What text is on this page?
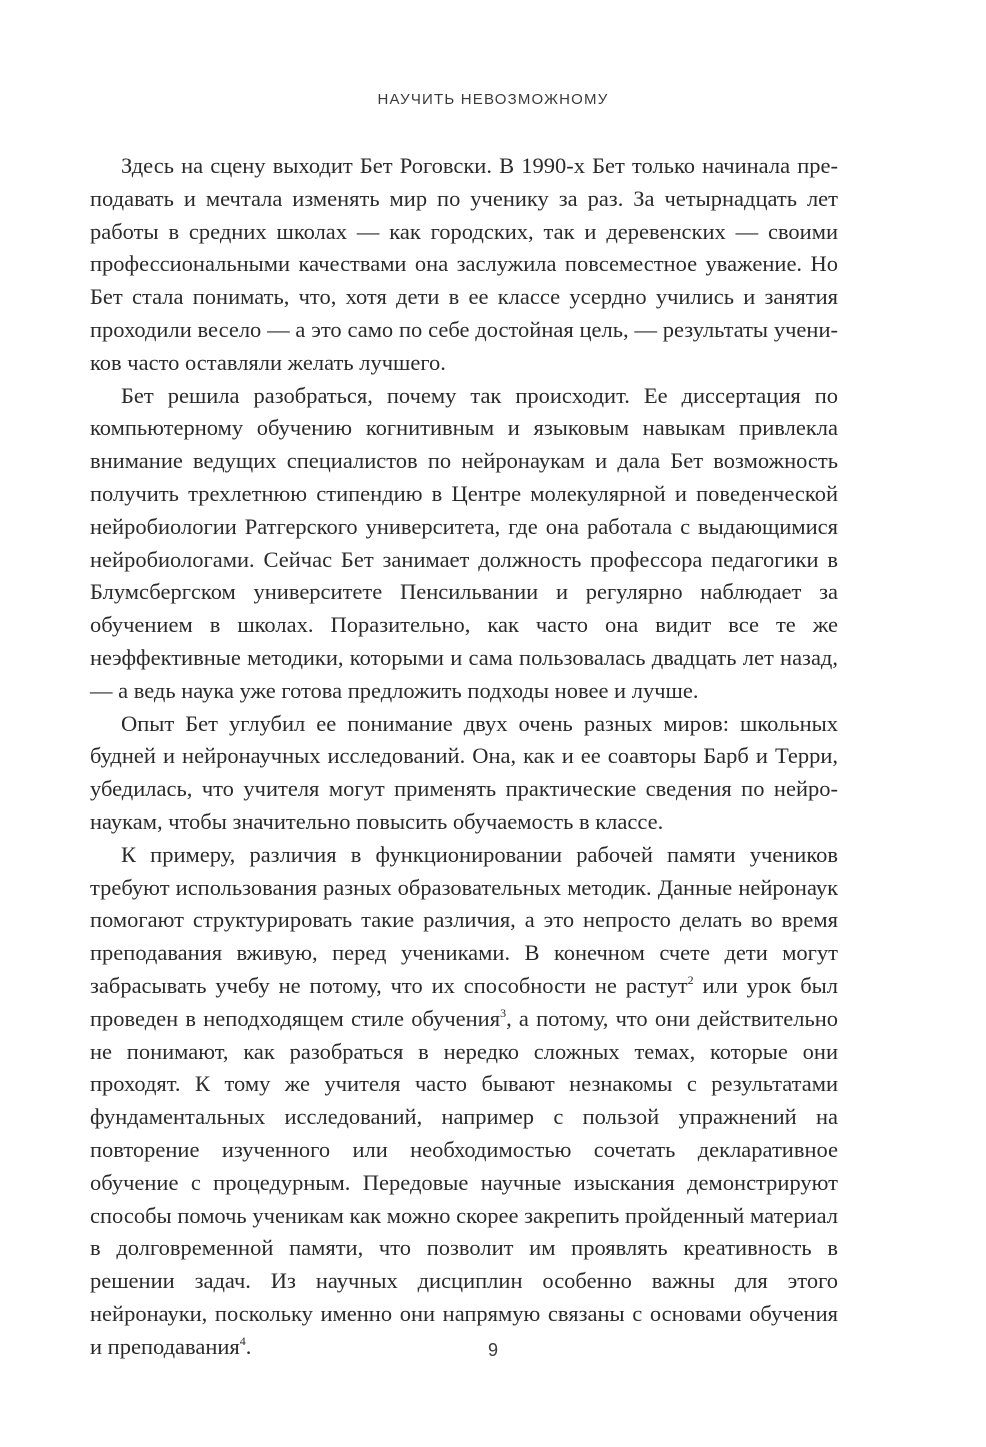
НАУЧИТЬ НЕВОЗМОЖНОМУ

Здесь на сцену выходит Бет Роговски. В 1990-х Бет только начинала преподавать и мечтала изменять мир по ученику за раз. За четырнадцать лет работы в средних школах — как городских, так и деревенских — своими профессиональными качествами она заслужила повсеместное уважение. Но Бет стала понимать, что, хотя дети в ее классе усердно учились и занятия проходили весело — а это само по себе достойная цель, — результаты учеников часто оставляли желать лучшего.

Бет решила разобраться, почему так происходит. Ее диссертация по компьютерному обучению когнитивным и языковым навыкам привлекла внимание ведущих специалистов по нейронаукам и дала Бет возможность получить трехлетнюю стипендию в Центре молекулярной и поведенческой нейробиологии Ратгерского университета, где она работала с выдающимися нейробиологами. Сейчас Бет занимает должность профессора педагогики в Блумсбергском университете Пенсильвании и регулярно наблюдает за обучением в школах. Поразительно, как часто она видит все те же неэффективные методики, которыми и сама пользовалась двадцать лет назад, — а ведь наука уже готова предложить подходы новее и лучше.

Опыт Бет углубил ее понимание двух очень разных миров: школьных будней и нейронаучных исследований. Она, как и ее соавторы Барб и Терри, убедилась, что учителя могут применять практические сведения по нейронаукам, чтобы значительно повысить обучаемость в классе.

К примеру, различия в функционировании рабочей памяти учеников требуют использования разных образовательных методик. Данные нейронаук помогают структурировать такие различия, а это непросто делать во время преподавания вживую, перед учениками. В конечном счете дети могут забрасывать учебу не потому, что их способности не растут$^2$ или урок был проведен в неподходящем стиле обучения$^3$, а потому, что они действительно не понимают, как разобраться в нередко сложных темах, которые они проходят. К тому же учителя часто бывают незнакомы с результатами фундаментальных исследований, например с пользой упражнений на повторение изученного или необходимостью сочетать декларативное обучение с процедурным. Передовые научные изыскания демонстрируют способы помочь ученикам как можно скорее закрепить пройденный материал в долговременной памяти, что позволит им проявлять креативность в решении задач. Из научных дисциплин особенно важны для этого нейронауки, поскольку именно они напрямую связаны с основами обучения и преподавания$^4$.	9
